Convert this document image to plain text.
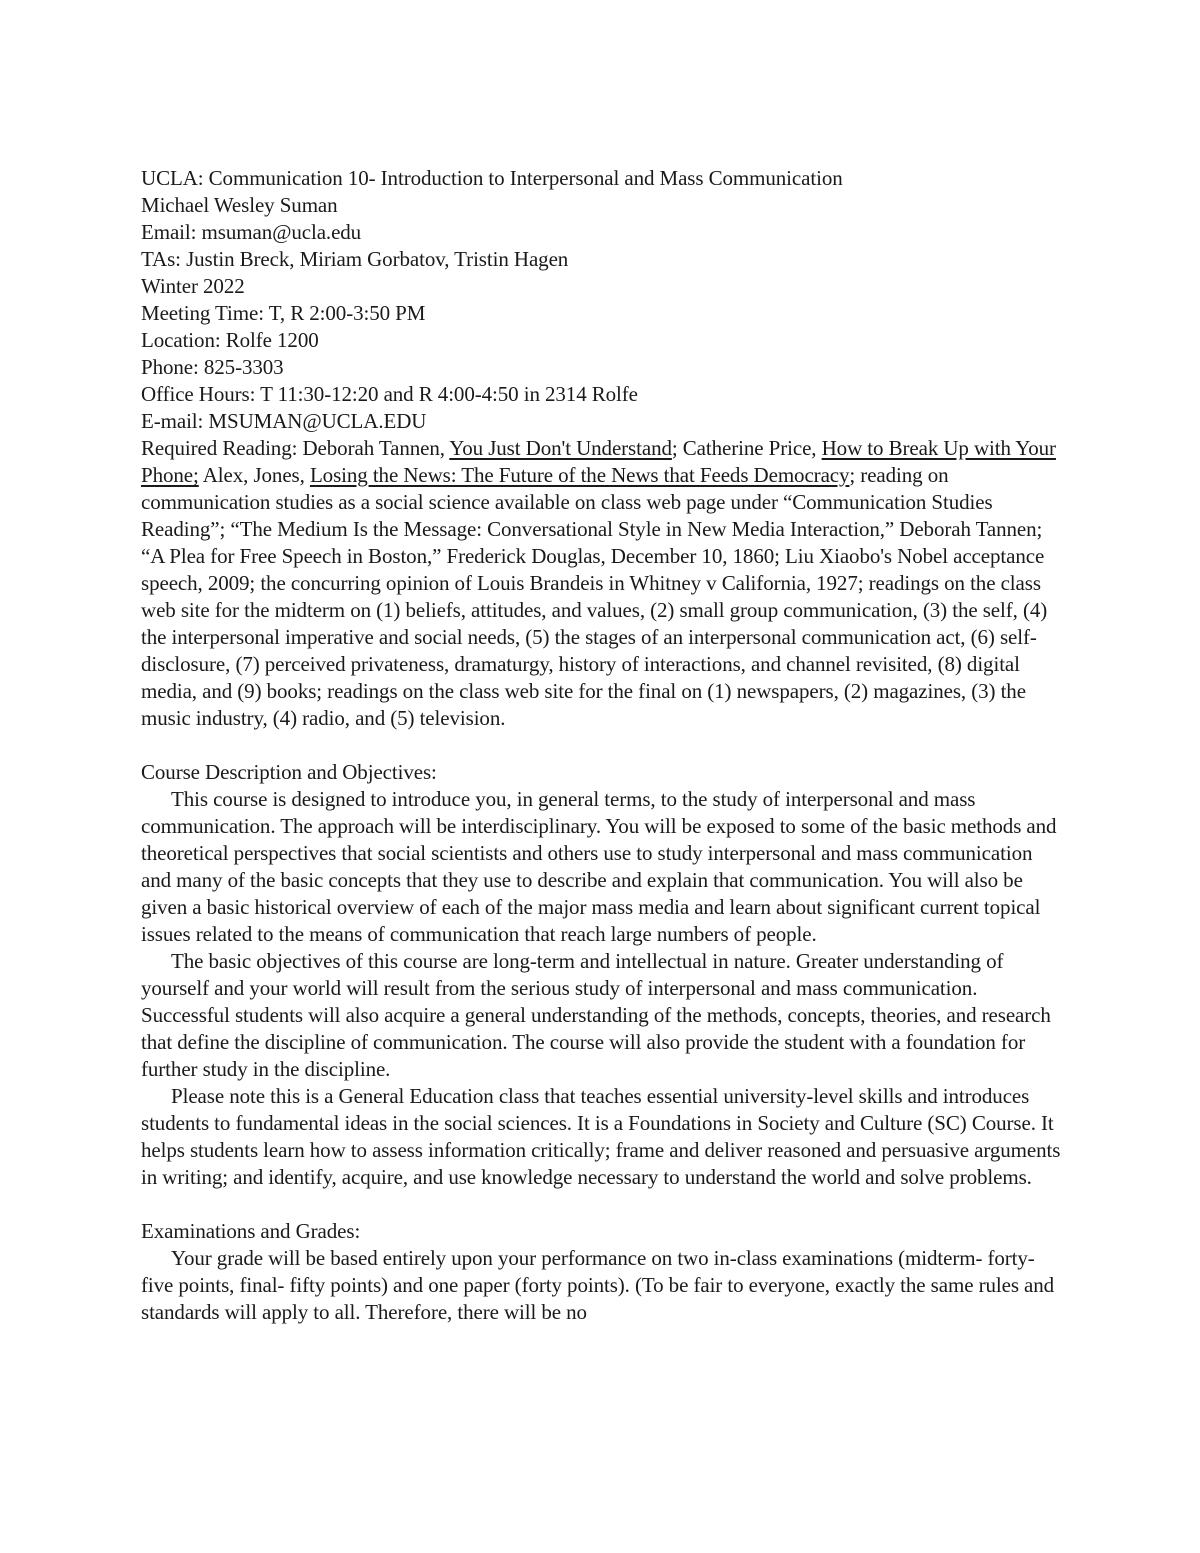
UCLA: Communication 10- Introduction to Interpersonal and Mass Communication
Michael Wesley Suman
Email: msuman@ucla.edu
TAs: Justin Breck, Miriam Gorbatov, Tristin Hagen
Winter 2022
Meeting Time: T, R 2:00-3:50 PM
Location: Rolfe 1200
Phone: 825-3303
Office Hours: T 11:30-12:20 and R 4:00-4:50 in 2314 Rolfe
E-mail: MSUMAN@UCLA.EDU
Required Reading: Deborah Tannen, You Just Don't Understand; Catherine Price, How to Break Up with Your Phone; Alex, Jones, Losing the News: The Future of the News that Feeds Democracy; reading on communication studies as a social science available on class web page under “Communication Studies Reading”; “The Medium Is the Message: Conversational Style in New Media Interaction,” Deborah Tannen; “A Plea for Free Speech in Boston,” Frederick Douglas, December 10, 1860; Liu Xiaobo's Nobel acceptance speech, 2009; the concurring opinion of Louis Brandeis in Whitney v California, 1927; readings on the class web site for the midterm on (1) beliefs, attitudes, and values, (2) small group communication, (3) the self, (4) the interpersonal imperative and social needs, (5) the stages of an interpersonal communication act, (6) self-disclosure, (7) perceived privateness, dramaturgy, history of interactions, and channel revisited, (8) digital media, and (9) books; readings on the class web site for the final on (1) newspapers, (2) magazines, (3) the music industry, (4) radio, and (5) television.
Course Description and Objectives:
This course is designed to introduce you, in general terms, to the study of interpersonal and mass communication. The approach will be interdisciplinary. You will be exposed to some of the basic methods and theoretical perspectives that social scientists and others use to study interpersonal and mass communication and many of the basic concepts that they use to describe and explain that communication. You will also be given a basic historical overview of each of the major mass media and learn about significant current topical issues related to the means of communication that reach large numbers of people.
The basic objectives of this course are long-term and intellectual in nature. Greater understanding of yourself and your world will result from the serious study of interpersonal and mass communication. Successful students will also acquire a general understanding of the methods, concepts, theories, and research that define the discipline of communication. The course will also provide the student with a foundation for further study in the discipline.
Please note this is a General Education class that teaches essential university-level skills and introduces students to fundamental ideas in the social sciences. It is a Foundations in Society and Culture (SC) Course. It helps students learn how to assess information critically; frame and deliver reasoned and persuasive arguments in writing; and identify, acquire, and use knowledge necessary to understand the world and solve problems.
Examinations and Grades:
Your grade will be based entirely upon your performance on two in-class examinations (midterm- forty-five points, final- fifty points) and one paper (forty points). (To be fair to everyone, exactly the same rules and standards will apply to all. Therefore, there will be no
